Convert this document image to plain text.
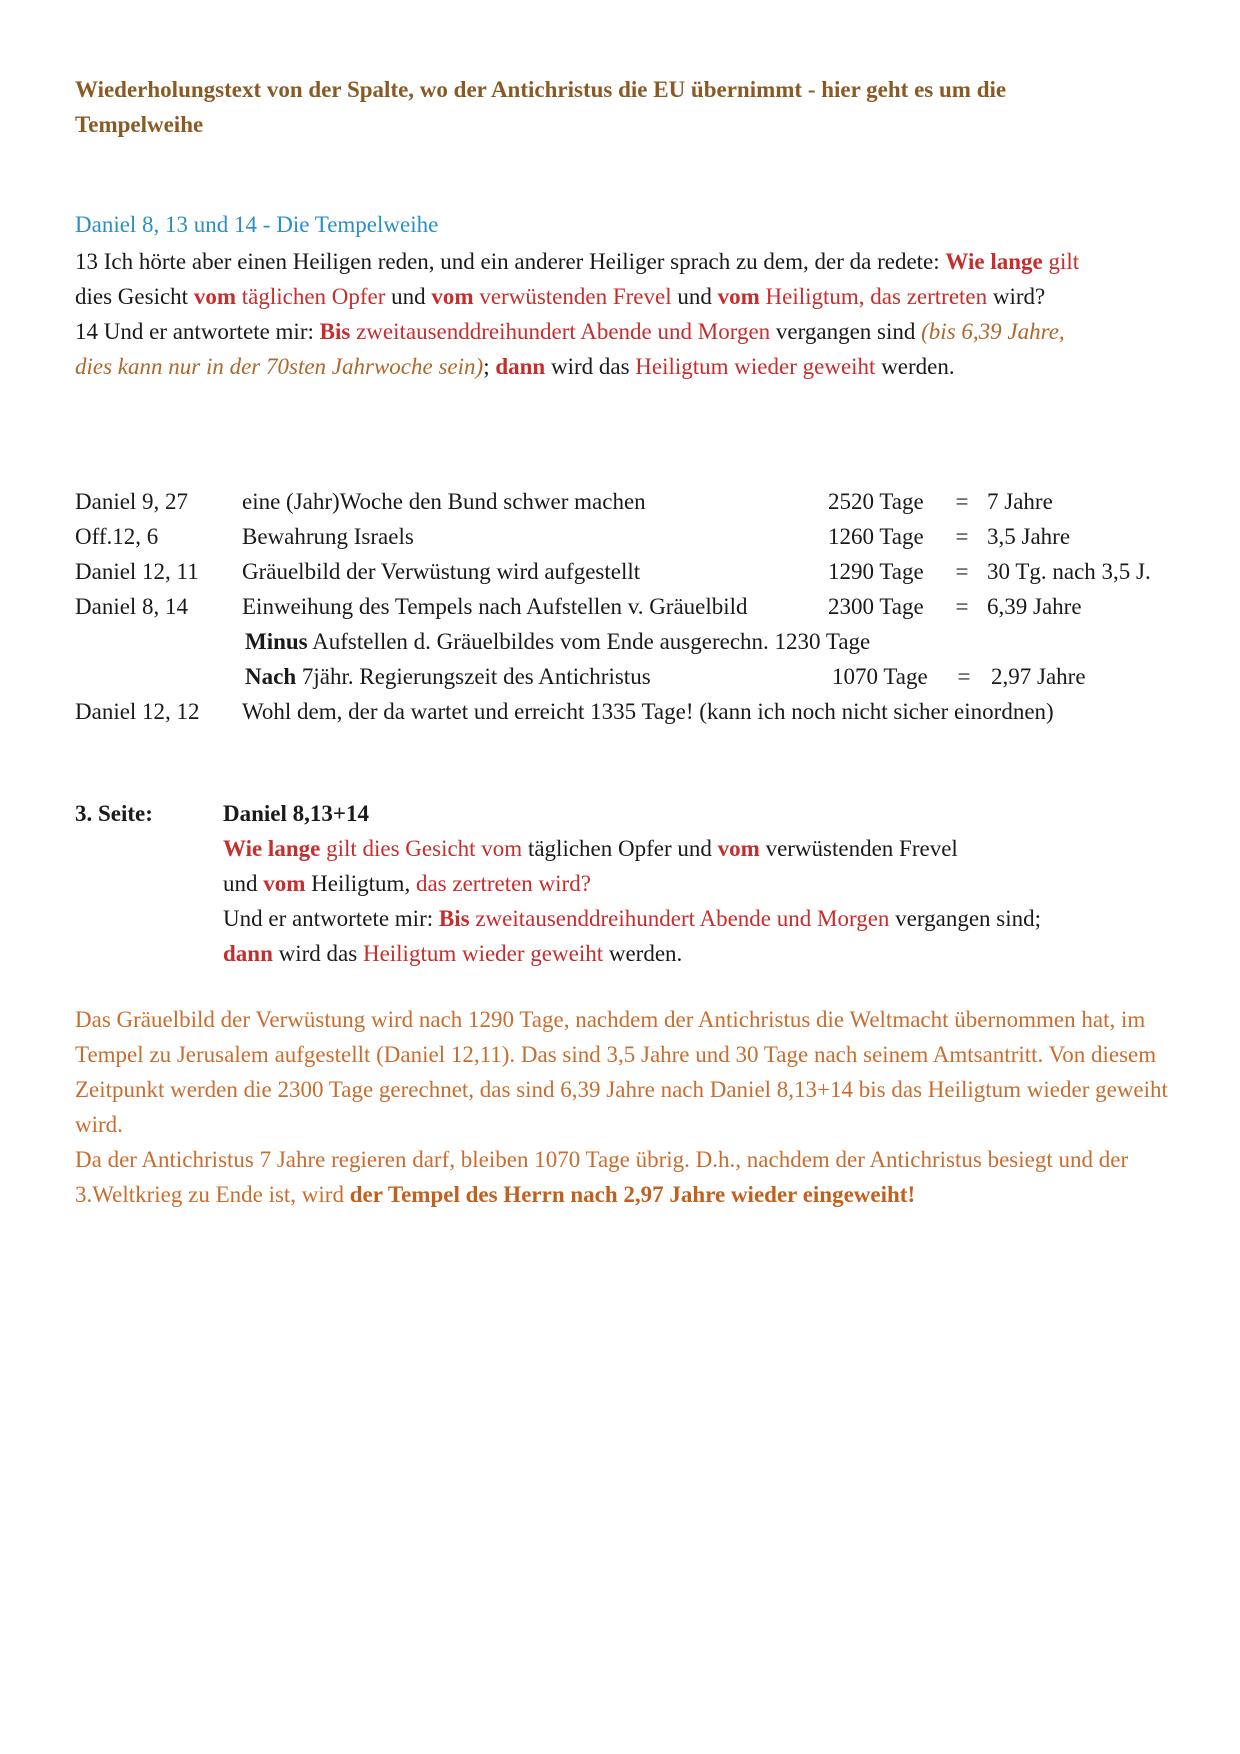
Wiederholungstext von der Spalte, wo der Antichristus die EU übernimmt - hier geht es um die Tempelweihe
Daniel 8, 13 und 14 - Die Tempelweihe
13 Ich hörte aber einen Heiligen reden, und ein anderer Heiliger sprach zu dem, der da redete: Wie lange gilt
dies Gesicht vom täglichen Opfer und vom verwüstenden Frevel und vom Heiligtum, das zertreten wird?
14 Und er antwortete mir: Bis zweitausenddreihundert Abende und Morgen vergangen sind (bis 6,39 Jahre,
dies kann nur in der 70sten Jahrwoche sein); dann wird das Heiligtum wieder geweiht werden.
Daniel 9, 27	eine (Jahr)Woche den Bund schwer machen	2520 Tage	=	7 Jahre
Off.12, 6	Bewahrung Israels	1260 Tage	=	3,5 Jahre
Daniel 12, 11	Gräuelbild der Verwüstung wird aufgestellt	1290 Tage	=	30 Tg. nach 3,5 J.
Daniel 8, 14	Einweihung des Tempels nach Aufstellen v. Gräuelbild	2300 Tage	=	6,39 Jahre
	Minus Aufstellen d. Gräuelbildes vom Ende ausgerechn. 1230 Tage			
	Nach 7jähr. Regierungszeit des Antichristus	1070 Tage	=	2,97 Jahre
Daniel 12, 12	Wohl dem, der da wartet und erreicht 1335 Tage! (kann ich noch nicht sicher einordnen)			
3. Seite:	Daniel 8,13+14
Wie lange gilt dies Gesicht vom täglichen Opfer und vom verwüstenden Frevel
und vom Heiligtum, das zertreten wird?
Und er antwortete mir: Bis zweitausenddreihundert Abende und Morgen vergangen sind;
dann wird das Heiligtum wieder geweiht werden.
Das Gräuelbild der Verwüstung wird nach 1290 Tage, nachdem der Antichristus die Weltmacht übernommen hat, im Tempel zu Jerusalem aufgestellt (Daniel 12,11). Das sind 3,5 Jahre und 30 Tage nach seinem Amtsantritt. Von diesem Zeitpunkt werden die 2300 Tage gerechnet, das sind 6,39 Jahre nach Daniel 8,13+14 bis das Heiligtum wieder geweiht wird.
Da der Antichristus 7 Jahre regieren darf, bleiben 1070 Tage übrig. D.h., nachdem der Antichristus besiegt und der 3.Weltkrieg zu Ende ist, wird der Tempel des Herrn nach 2,97 Jahre wieder eingeweiht!
